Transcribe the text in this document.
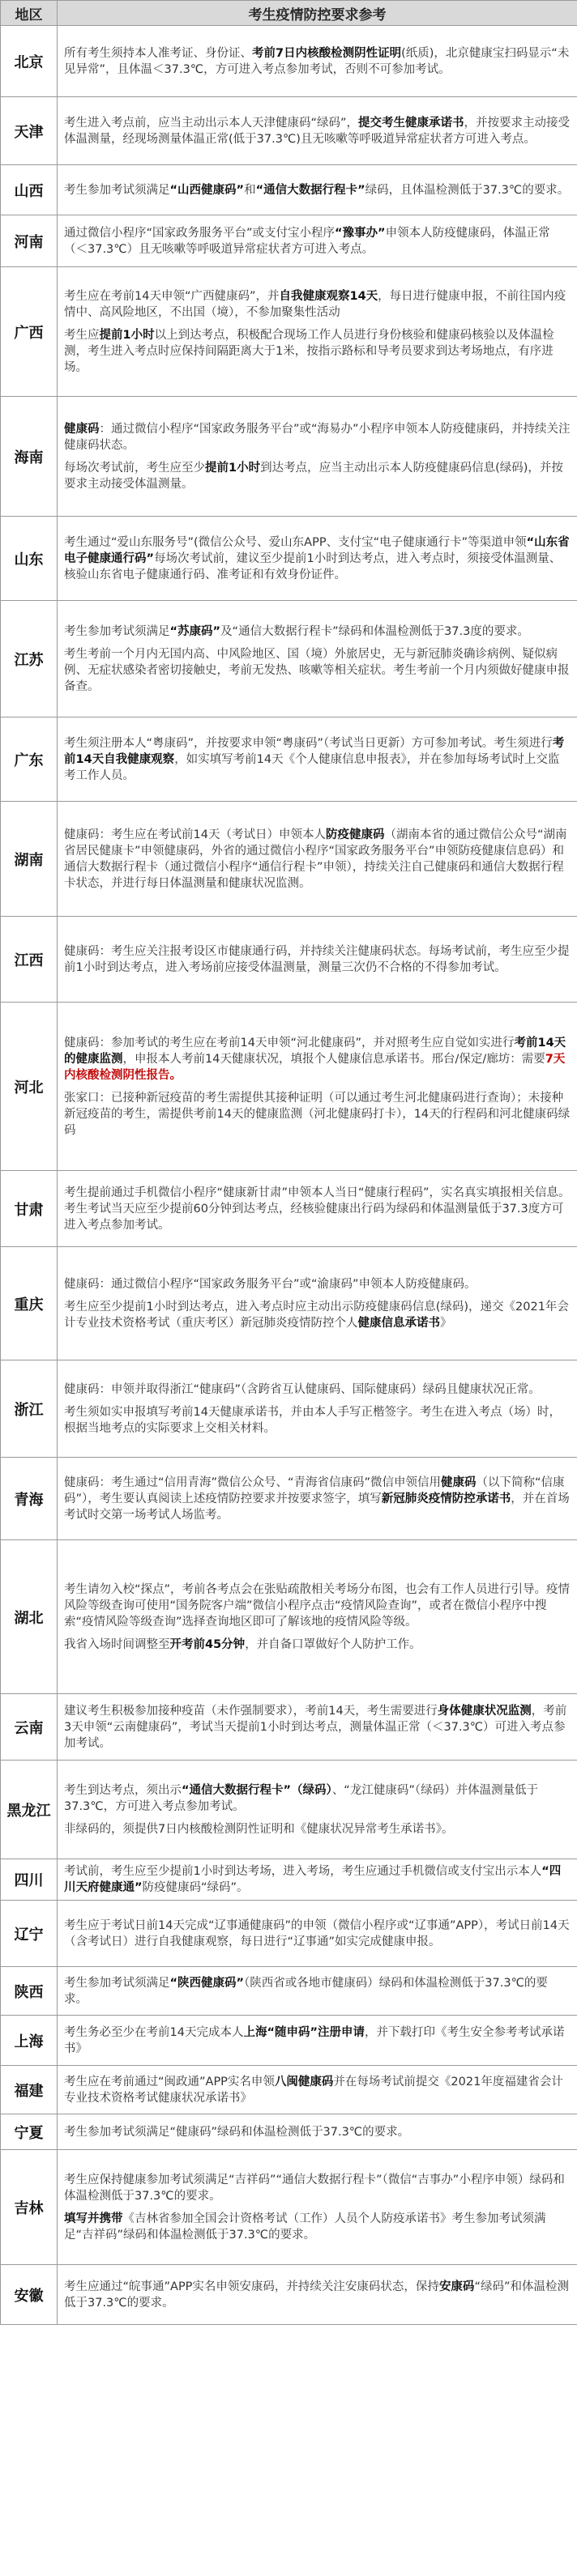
地区	考生疫情防控要求参考
北京	所有考生须持本人准考证、身份证、考前7日内核酸检测阴性证明(纸质)，北京健康宝扫码显示“未见异常”，且体温＜37.3℃，方可进入考点参加考试，否则不可参加考试。

天津	考生进入考点前，应当主动出示本人天津健康码“绿码”，提交考生健康承诺书，并按要求主动接受体温测量，经现场测量体温正常(低于37.3℃)且无咳嗽等呼吸道异常症状者方可进入考点。

山西	考生参加考试须满足“山西健康码”和“通信大数据行程卡”绿码，且体温检测低于37.3℃的要求。

河南	通过微信小程序“国家政务服务平台”或支付宝小程序“豫事办”申领本人防疫健康码，体温正常（＜37.3℃）且无咳嗽等呼吸道异常症状者方可进入考点。

广西	考生应在考前14天申领“广西健康码”，并自我健康观察14天，每日进行健康申报，不前往国内疫情中、高风险地区，不出国（境），不参加聚集性活动

考生应提前1小时以上到达考点，积极配合现场工作人员进行身份核验和健康码核验以及体温检测，考生进入考点时应保持间隔距离大于1米，按指示路标和导考员要求到达考场地点，有序进场。

海南	健康码：通过微信小程序“国家政务服务平台”或“海易办”小程序申领本人防疫健康码，并持续关注健康码状态。

每场次考试前，考生应至少提前1小时到达考点，应当主动出示本人防疫健康码信息(绿码)，并按要求主动接受体温测量。

山东	考生通过“爱山东服务号”(微信公众号、爱山东APP、支付宝“电子健康通行卡”等渠道申领“山东省电子健康通行码”每场次考试前，建议至少提前1小时到达考点，进入考点时，须接受体温测量、核验山东省电子健康通行码、准考证和有效身份证件。

江苏	考生参加考试须满足“苏康码”及“通信大数据行程卡”绿码和体温检测低于37.3度的要求。

考生考前一个月内无国内高、中风险地区、国（境）外旅居史，无与新冠肺炎确诊病例、疑似病例、无症状感染者密切接触史，考前无发热、咳嗽等相关症状。考生考前一个月内须做好健康申报备查。

广东	考生须注册本人“粤康码”，并按要求申领“粤康码”（考试当日更新）方可参加考试。考生须进行考前14天自我健康观察，如实填写考前14天《个人健康信息申报表》，并在参加每场考试时上交监考工作人员。

湖南	健康码：考生应在考试前14天（考试日）申领本人防疫健康码（湖南本省的通过微信公众号“湖南省居民健康卡”申领健康码，外省的通过微信小程序“国家政务服务平台”申领防疫健康信息码）和通信大数据行程卡（通过微信小程序“通信行程卡”申领），持续关注自己健康码和通信大数据行程卡状态，并进行每日体温测量和健康状况监测。

江西	健康码：考生应关注报考设区市健康通行码，并持续关注健康码状态。每场考试前，考生应至少提前1小时到达考点，进入考场前应接受体温测量，测量三次仍不合格的不得参加考试。

河北	健康码：参加考试的考生应在考前14天申领“河北健康码”，并对照考生应自觉如实进行考前14天的健康监测，申报本人考前14天健康状况，填报个人健康信息承诺书。邢台/保定/廊坊：需要7天内核酸检测阴性报告。

张家口：已接种新冠疫苗的考生需提供其接种证明（可以通过考生河北健康码进行查询）；未接种新冠疫苗的考生，需提供考前14天的健康监测（河北健康码打卡），14天的行程码和河北健康码绿码

甘肃	考生提前通过手机微信小程序“健康新甘肃”申领本人当日“健康行程码”，实名真实填报相关信息。考生考试当天应至少提前60分钟到达考点，经核验健康出行码为绿码和体温测量低于37.3度方可进入考点参加考试。

重庆	健康码：通过微信小程序“国家政务服务平台”或“渝康码”申领本人防疫健康码。

考生应至少提前1小时到达考点，进入考点时应主动出示防疫健康码信息(绿码)，递交《2021年会计专业技术资格考试（重庆考区）新冠肺炎疫情防控个人健康信息承诺书》

浙江	健康码：申领并取得浙江“健康码”（含跨省互认健康码、国际健康码）绿码且健康状况正常。

考生须如实申报填写考前14天健康承诺书，并由本人手写正楷签字。考生在进入考点（场）时，根据当地考点的实际要求上交相关材料。

青海	健康码：考生通过“信用青海”微信公众号、“青海省信康码”微信申领信用健康码（以下简称“信康码”），考生要认真阅读上述疫情防控要求并按要求签字，填写新冠肺炎疫情防控承诺书，并在首场考试时交第一场考试人场监考。

湖北	考生请勿入校“探点”，考前各考点会在张贴疏散相关考场分布图，也会有工作人员进行引导。疫情风险等级查询可使用“国务院客户端”微信小程序点击“疫情风险查询”，或者在微信小程序中搜索“疫情风险等级查询”选择查询地区即可了解该地的疫情风险等级。

我省入场时间调整至开考前45分钟，并自备口罩做好个人防护工作。

云南	建议考生积极参加接种疫苗（未作强制要求），考前14天，考生需要进行身体健康状况监测，考前3天申领“云南健康码”，考试当天提前1小时到达考点，测量体温正常（＜37.3℃）可进入考点参加考试。

黑龙江	考生到达考点，须出示“通信大数据行程卡”（绿码）、“龙江健康码”（绿码）并体温测量低于37.3℃，方可进入考点参加考试。

非绿码的，须提供7日内核酸检测阴性证明和《健康状况异常考生承诺书》。

四川	考试前，考生应至少提前1小时到达考场，进入考场，考生应通过手机微信或支付宝出示本人“四川天府健康通”防疫健康码“绿码”。

辽宁	考生应于考试日前14天完成“辽事通健康码”的申领（微信小程序或“辽事通”APP），考试日前14天（含考试日）进行自我健康观察，每日进行“辽事通”如实完成健康申报。

陕西	考生参加考试须满足“陕西健康码”（陕西省或各地市健康码）绿码和体温检测低于37.3℃的要求。

上海	考生务必至少在考前14天完成本人上海“随申码”注册申请，并下载打印《考生安全参考考试承诺书》

福建	考生应在考前通过“闽政通”APP实名申领八闽健康码并在每场考试前提交《2021年度福建省会计专业技术资格考试健康状况承诺书》

宁夏	考生参加考试须满足“健康码”绿码和体温检测低于37.3℃的要求。

吉林	考生应保持健康参加考试须满足“吉祥码”“通信大数据行程卡”（微信“吉事办”小程序申领）绿码和体温检测低于37.3℃的要求。

填写并携带《吉林省参加全国会计资格考试（工作）人员个人防疫承诺书》考生参加考试须满足“吉祥码”绿码和体温检测低于37.3℃的要求。

安徽	考生应通过“皖事通”APP实名申领安康码，并持续关注安康码状态，保持安康码“绿码”和体温检测低于37.3℃的要求。
